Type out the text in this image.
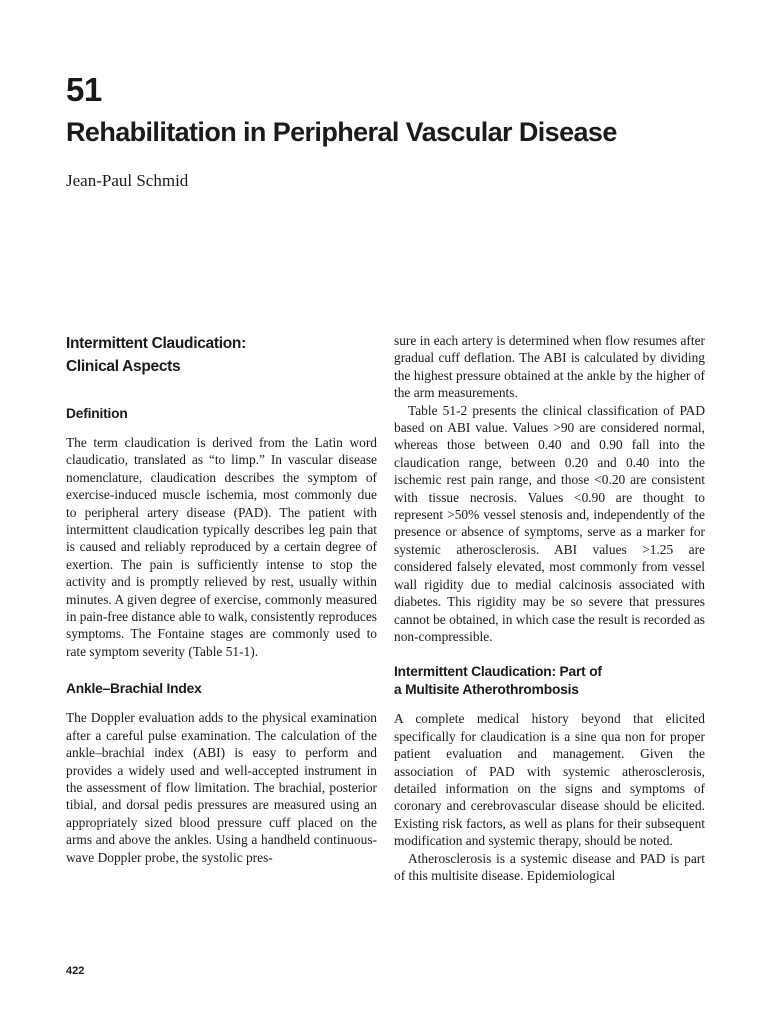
51
Rehabilitation in Peripheral Vascular Disease
Jean-Paul Schmid
Intermittent Claudication:
Clinical Aspects
Definition

The term claudication is derived from the Latin word claudicatio, translated as “to limp.” In vascular disease nomenclature, claudication describes the symptom of exercise-induced muscle ischemia, most commonly due to peripheral artery disease (PAD). The patient with intermittent claudication typically describes leg pain that is caused and reliably reproduced by a certain degree of exertion. The pain is sufficiently intense to stop the activity and is promptly relieved by rest, usually within minutes. A given degree of exercise, commonly measured in pain-free distance able to walk, consistently reproduces symptoms. The Fontaine stages are commonly used to rate symptom severity (Table 51-1).

Ankle–Brachial Index

The Doppler evaluation adds to the physical examination after a careful pulse examination. The calculation of the ankle–brachial index (ABI) is easy to perform and provides a widely used and well-accepted instrument in the assessment of flow limitation. The brachial, posterior tibial, and dorsal pedis pressures are measured using an appropriately sized blood pressure cuff placed on the arms and above the ankles. Using a handheld continuous-wave Doppler probe, the systolic pres-

sure in each artery is determined when flow resumes after gradual cuff deflation. The ABI is calculated by dividing the highest pressure obtained at the ankle by the higher of the arm measurements.

Table 51-2 presents the clinical classification of PAD based on ABI value. Values >90 are considered normal, whereas those between 0.40 and 0.90 fall into the claudication range, between 0.20 and 0.40 into the ischemic rest pain range, and those <0.20 are consistent with tissue necrosis. Values <0.90 are thought to represent >50% vessel stenosis and, independently of the presence or absence of symptoms, serve as a marker for systemic atherosclerosis. ABI values >1.25 are considered falsely elevated, most commonly from vessel wall rigidity due to medial calcinosis associated with diabetes. This rigidity may be so severe that pressures cannot be obtained, in which case the result is recorded as non-compressible.

Intermittent Claudication: Part of
a Multisite Atherothrombosis

A complete medical history beyond that elicited specifically for claudication is a sine qua non for proper patient evaluation and management. Given the association of PAD with systemic atherosclerosis, detailed information on the signs and symptoms of coronary and cerebrovascular disease should be elicited. Existing risk factors, as well as plans for their subsequent modification and systemic therapy, should be noted.

Atherosclerosis is a systemic disease and PAD is part of this multisite disease. Epidemiological

422
